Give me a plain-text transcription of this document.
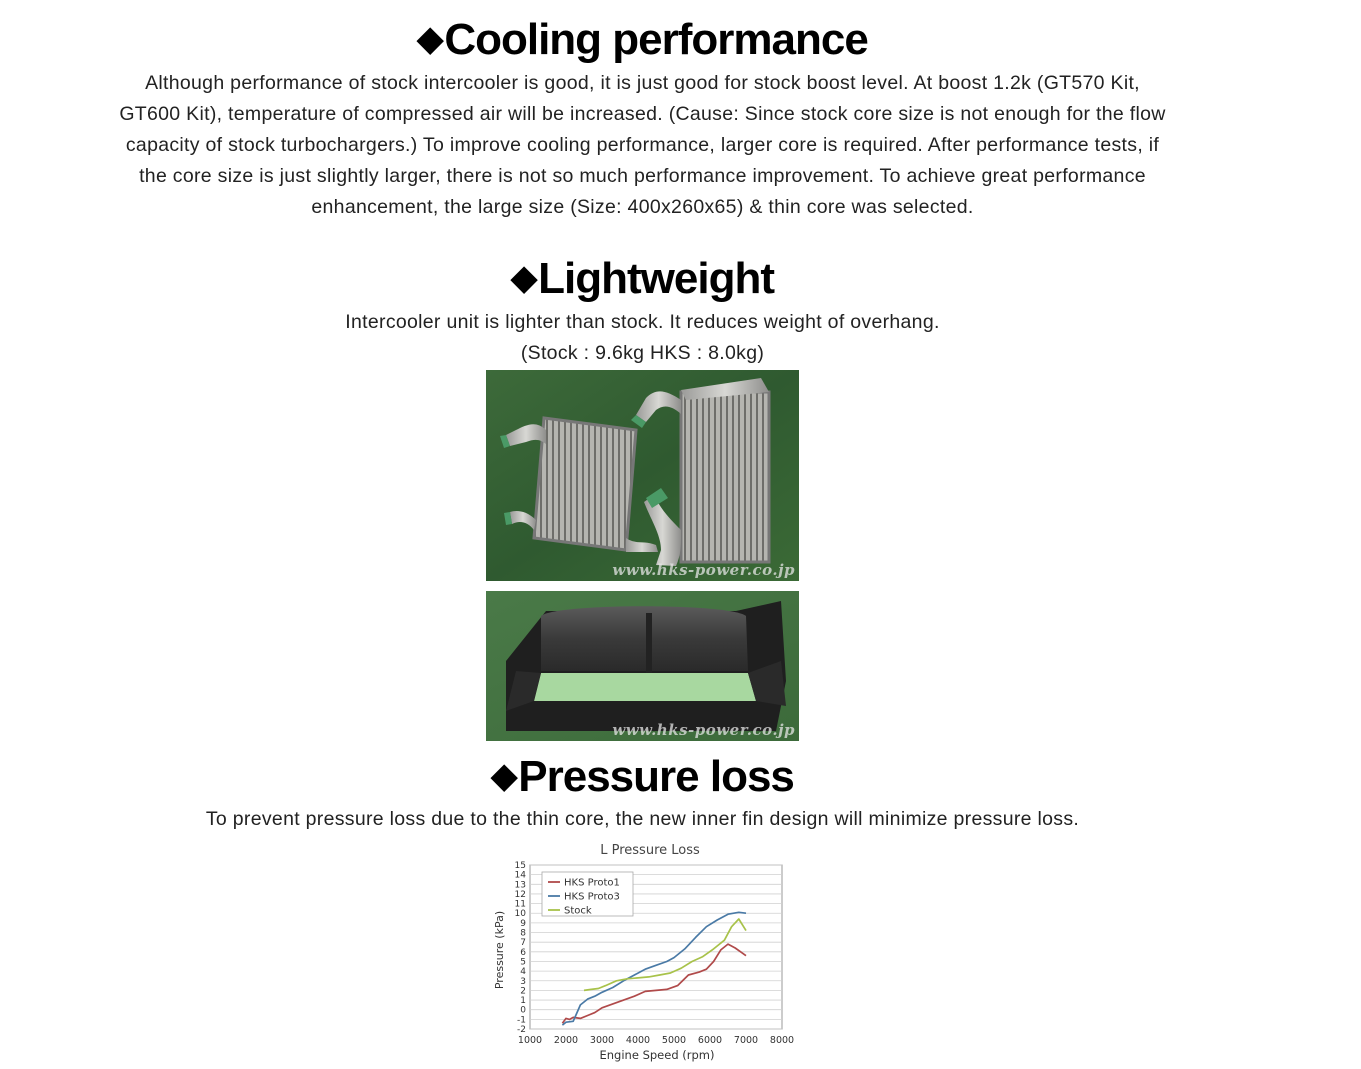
◆Cooling performance

Although performance of stock intercooler is good, it is just good for stock boost level. At boost 1.2k (GT570 Kit,

GT600 Kit), temperature of compressed air will be increased. (Cause: Since stock core size is not enough for the flow

capacity of stock turbochargers.) To improve cooling performance, larger core is required. After performance tests, if

the core size is just slightly larger, there is not so much performance improvement. To achieve great performance

enhancement, the large size (Size: 400x260x65) & thin core was selected.

◆Lightweight

Intercooler unit is lighter than stock. It reduces weight of overhang.

(Stock : 9.6kg HKS : 8.0kg)

◆Pressure loss

To prevent pressure loss due to the thin core, the new inner fin design will minimize pressure loss.

www.hks-power.co.jp
www.hks-power.co.jp
L Pressure Loss
-2
-1
0
1
2
3
4
5
6
7
8
9
10
11
12
13
14
15
1000 2000 3000 4000 5000 6000 7000 8000
HKS Proto1
HKS Proto3
Stock
Pressure (kPa)
Engine Speed (rpm)
